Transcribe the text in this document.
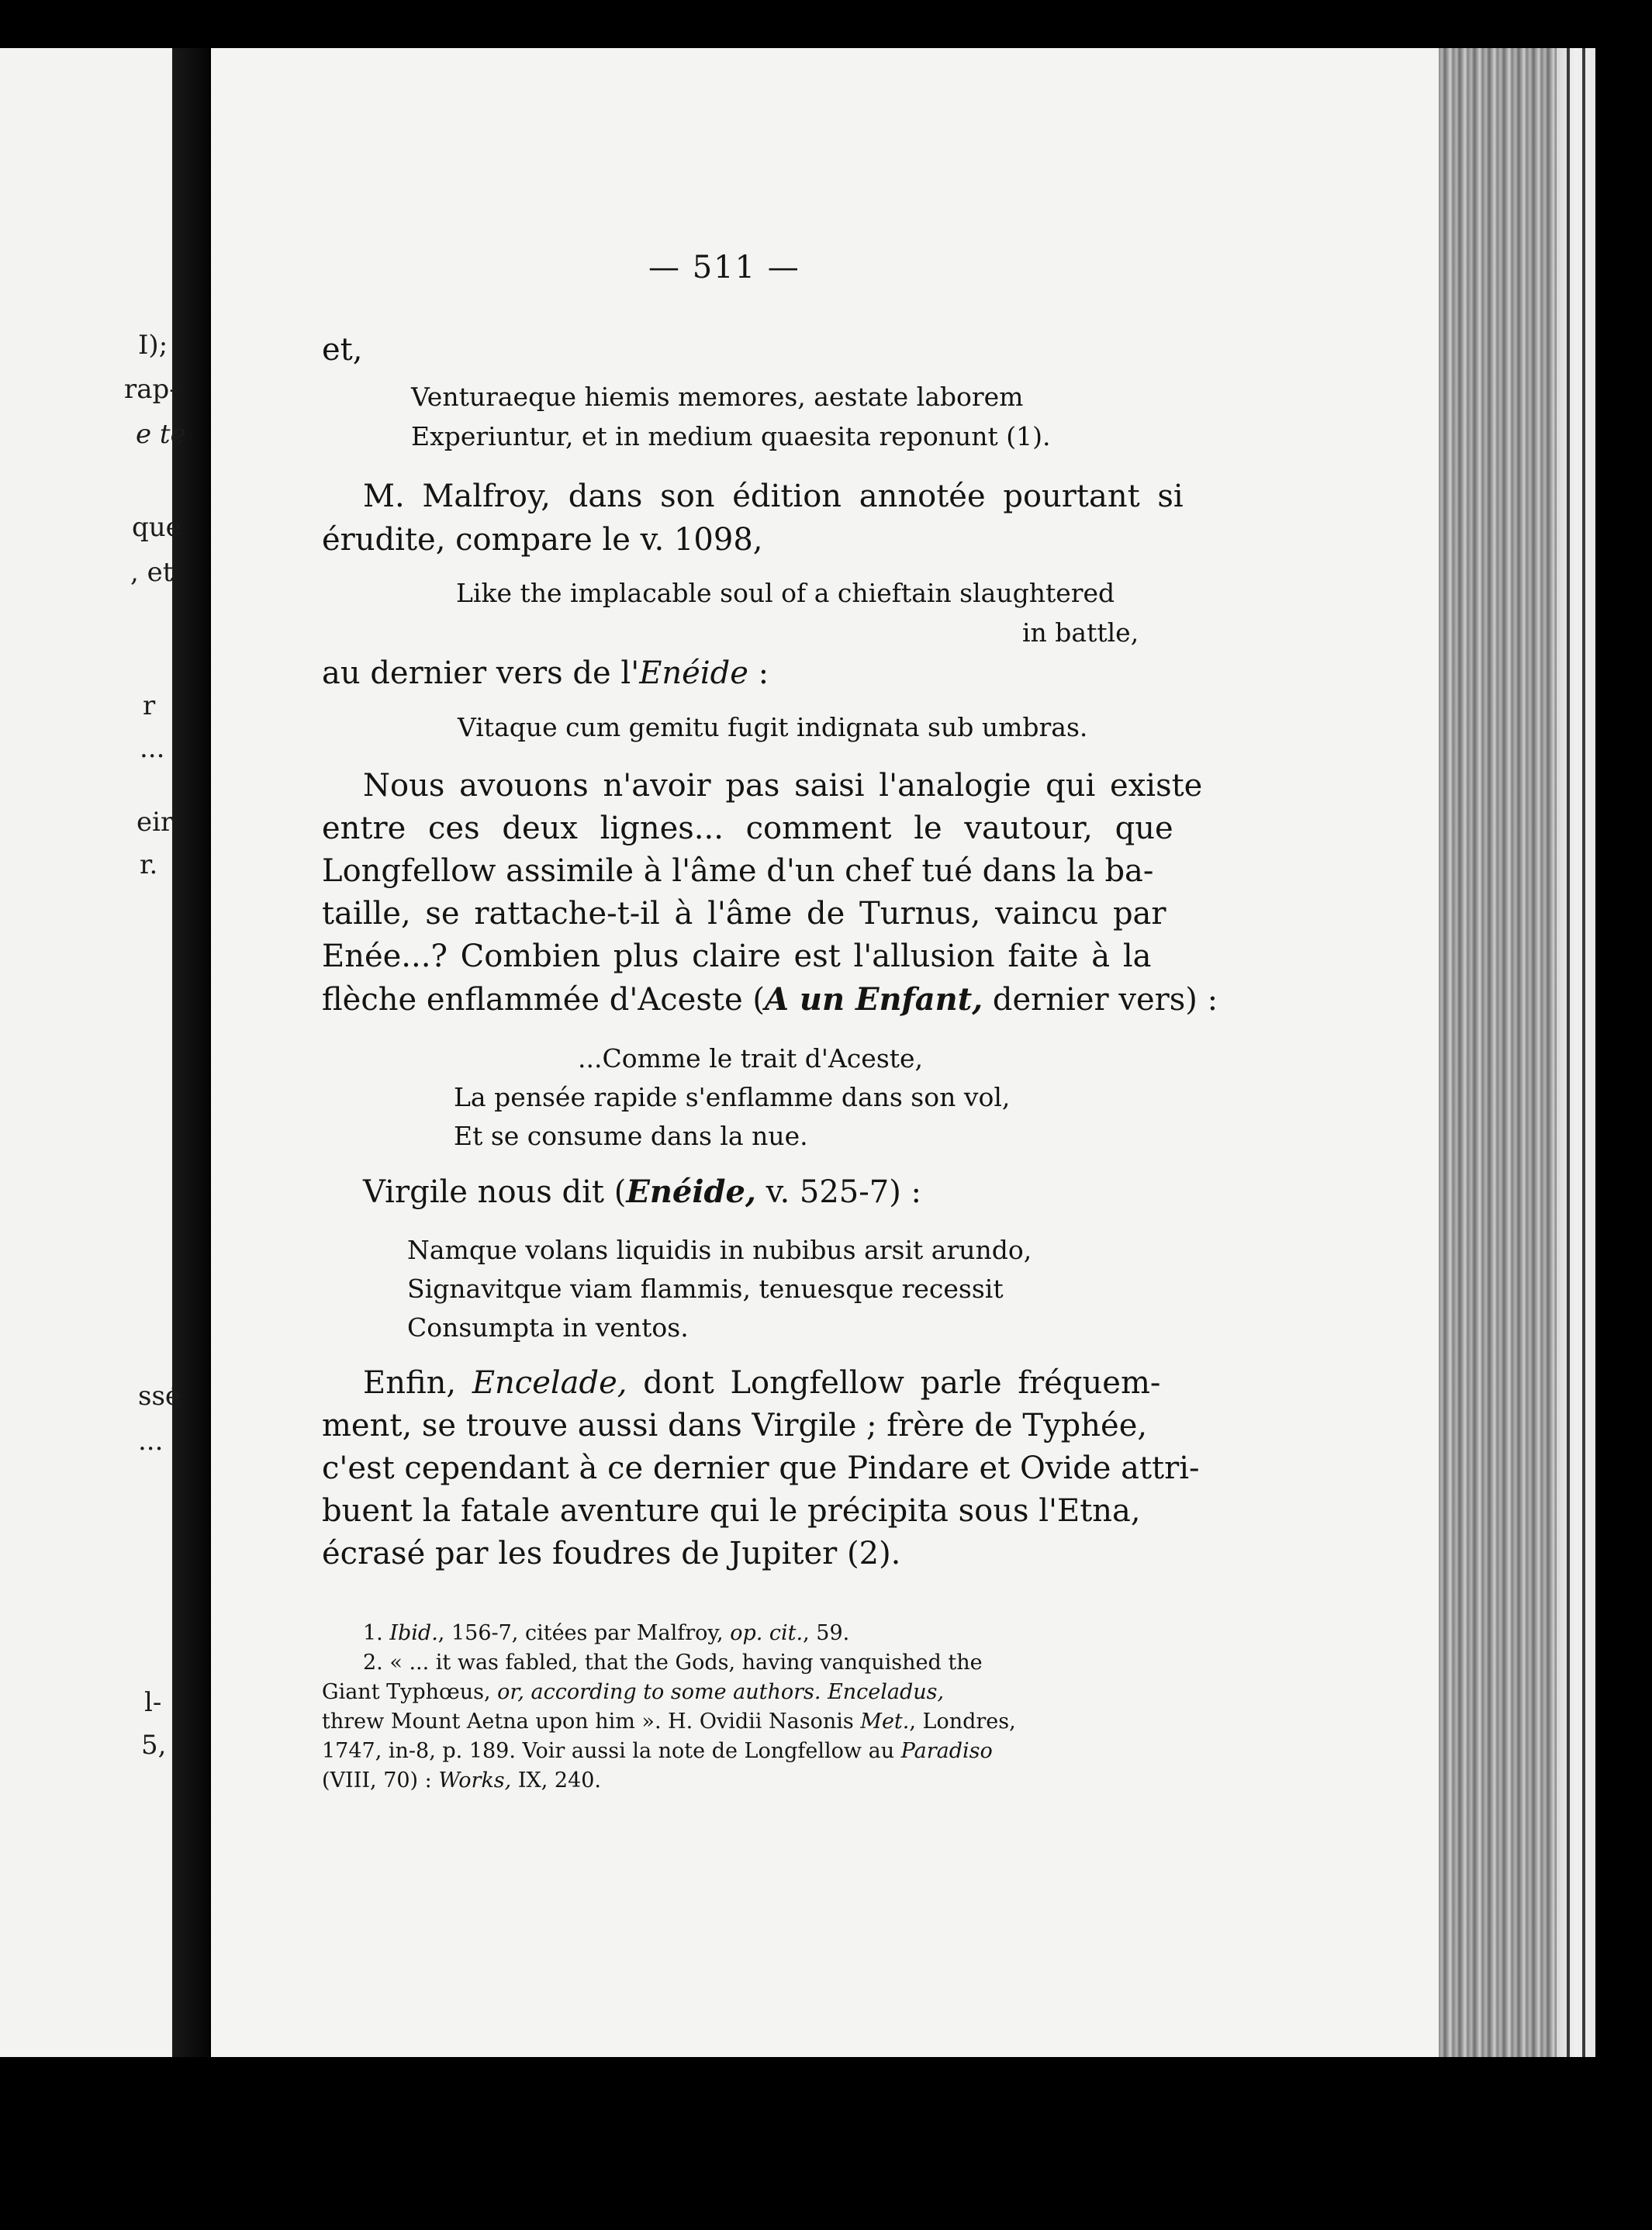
I);
rap-
e te
que
, et
r
...
eir
r.
ssé
...
l-
5,
— 511 —
et,
Venturaeque hiemis memores, aestate laborem
Experiuntur, et in medium quaesita reponunt (1).
M. Malfroy, dans son édition annotée pourtant si
érudite, compare le v. 1098,
Like the implacable soul of a chieftain slaughtered
in battle,
au dernier vers de l'Enéide :
Vitaque cum gemitu fugit indignata sub umbras.
Nous avouons n'avoir pas saisi l'analogie qui existe
entre ces deux lignes... comment le vautour, que
Longfellow assimile à l'âme d'un chef tué dans la ba-
taille, se rattache-t-il à l'âme de Turnus, vaincu par
Enée...? Combien plus claire est l'allusion faite à la
flèche enflammée d'Aceste (A un Enfant, dernier vers) :
...Comme le trait d'Aceste,
La pensée rapide s'enflamme dans son vol,
Et se consume dans la nue.
Virgile nous dit (Enéide, v. 525-7) :
Namque volans liquidis in nubibus arsit arundo,
Signavitque viam flammis, tenuesque recessit
Consumpta in ventos.
Enfin, Encelade, dont Longfellow parle fréquem-
ment, se trouve aussi dans Virgile ; frère de Typhée,
c'est cependant à ce dernier que Pindare et Ovide attri-
buent la fatale aventure qui le précipita sous l'Etna,
écrasé par les foudres de Jupiter (2).
1. Ibid., 156-7, citées par Malfroy, op. cit., 59.
2. « ... it was fabled, that the Gods, having vanquished the
Giant Typhœus, or, according to some authors. Enceladus,
threw Mount Aetna upon him ». H. Ovidii Nasonis Met., Londres,
1747, in-8, p. 189. Voir aussi la note de Longfellow au Paradiso
(VIII, 70) : Works, IX, 240.
